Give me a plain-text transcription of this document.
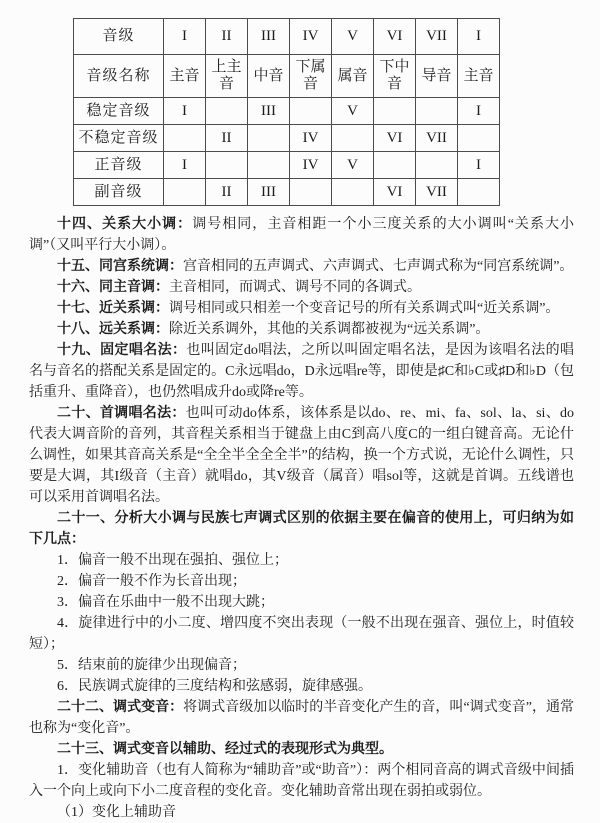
音级	I	II	III	IV	V	VI	VII	I
音级名称	主音	上主音	中音	下属音	属音	下中音	导音	主音
稳定音级	I		III		V			I
不稳定音级		II		IV		VI	VII	
正音级	I			IV	V			I
副音级		II	III			VI	VII	

十四、关系大小调：调号相同，主音相距一个小三度关系的大小调叫“关系大小调”（又叫平行大小调）。

十五、同宫系统调：宫音相同的五声调式、六声调式、七声调式称为“同宫系统调”。

十六、同主音调：主音相同，而调式、调号不同的各调式。

十七、近关系调：调号相同或只相差一个变音记号的所有关系调式叫“近关系调”。

十八、远关系调：除近关系调外，其他的关系调都被视为“远关系调”。

十九、固定唱名法：也叫固定do唱法，之所以叫固定唱名法，是因为该唱名法的唱名与音名的搭配关系是固定的。C永远唱do，D永远唱re等，即使是♯C和♭C或♯D和♭D（包括重升、重降音），也仍然唱成升do或降re等。

二十、首调唱名法：也叫可动do体系，该体系是以do、re、mi、fa、sol、la、si、do代表大调音阶的音列，其音程关系相当于键盘上由C到高八度C的一组白键音高。无论什么调性，如果其音高关系是“全全半全全全半”的结构，换一个方式说，无论什么调性，只要是大调，其I级音（主音）就唱do，其V级音（属音）唱sol等，这就是首调。五线谱也可以采用首调唱名法。

二十一、分析大小调与民族七声调式区别的依据主要在偏音的使用上，可归纳为如下几点：

1．偏音一般不出现在强拍、强位上；

2．偏音一般不作为长音出现；

3．偏音在乐曲中一般不出现大跳；

4．旋律进行中的小二度、增四度不突出表现（一般不出现在强音、强位上，时值较短）；

5．结束前的旋律少出现偏音；

6．民族调式旋律的三度结构和弦感弱，旋律感强。

二十二、调式变音：将调式音级加以临时的半音变化产生的音，叫“调式变音”，通常也称为“变化音”。

二十三、调式变音以辅助、经过式的表现形式为典型。

1．变化辅助音（也有人简称为“辅助音”或“助音”）：两个相同音高的调式音级中间插入一个向上或向下小二度音程的变化音。变化辅助音常出现在弱拍或弱位。

（1）变化上辅助音
